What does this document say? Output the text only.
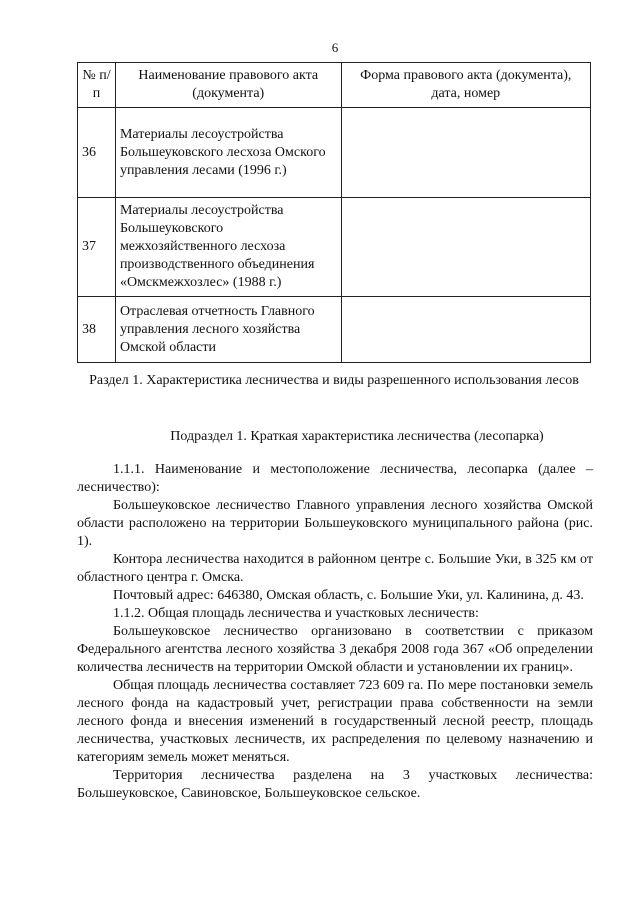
6
№ п/п	Наименование правового акта (документа)	Форма правового акта (документа), дата, номер
36	Материалы лесоустройства Большеуковского лесхоза Омского управления лесами (1996 г.)	
37	Материалы лесоустройства Большеуковского межхозяйственного лесхоза производственного объединения «Омскмежхозлес» (1988 г.)	
38	Отраслевая отчетность Главного управления лесного хозяйства Омской области	
Раздел 1. Характеристика лесничества и виды разрешенного использования лесов
Подраздел 1. Краткая характеристика лесничества (лесопарка)

1.1.1. Наименование и местоположение лесничества, лесопарка (далее – лесничество):

Большеуковское лесничество Главного управления лесного хозяйства Омской области расположено на территории Большеуковского муниципального района (рис. 1).

Контора лесничества находится в районном центре с. Большие Уки, в 325 км от областного центра г. Омска.

Почтовый адрес: 646380, Омская область, с. Большие Уки, ул. Калинина, д. 43.

1.1.2. Общая площадь лесничества и участковых лесничеств:

Большеуковское лесничество организовано в соответствии с приказом Федерального агентства лесного хозяйства 3 декабря 2008 года 367 «Об определении количества лесничеств на территории Омской области и установлении их границ».

Общая площадь лесничества составляет 723 609 га. По мере постановки земель лесного фонда на кадастровый учет, регистрации права собственности на земли лесного фонда и внесения изменений в государственный лесной реестр, площадь лесничества, участковых лесничеств, их распределения по целевому назначению и категориям земель может меняться.

Территория лесничества разделена на 3 участковых лесничества: Большеуковское, Савиновское, Большеуковское сельское.
